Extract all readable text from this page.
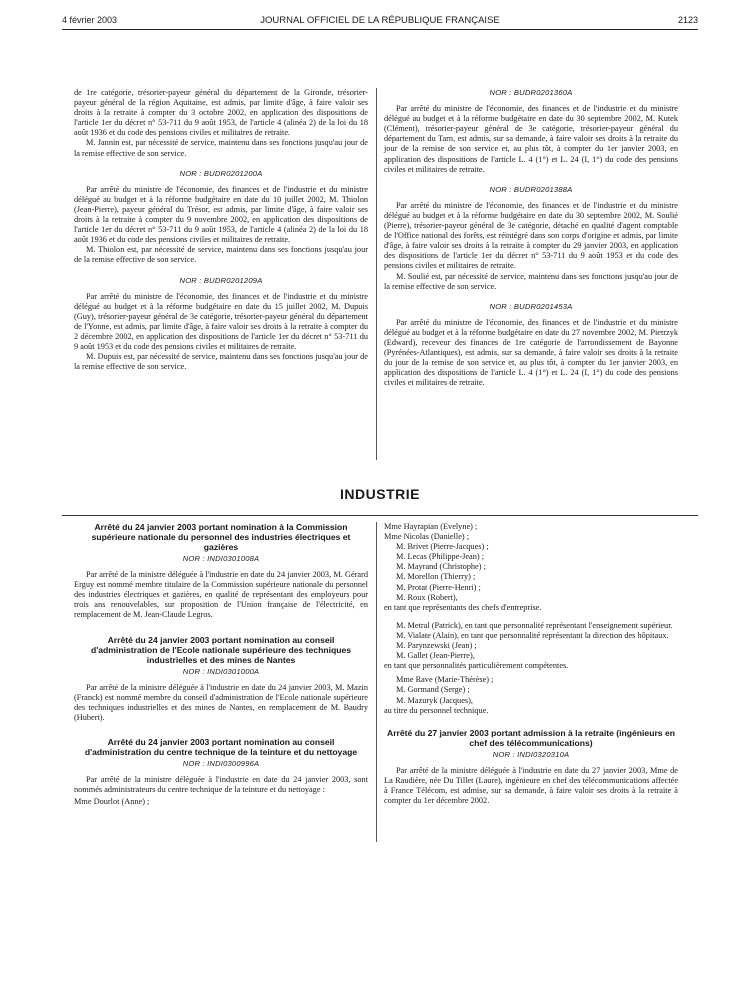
4 février 2003	JOURNAL OFFICIEL DE LA RÉPUBLIQUE FRANÇAISE	2123

de 1re catégorie, trésorier-payeur général du département de la Gironde, trésorier-payeur général de la région Aquitaine, est admis, par limite d'âge, à faire valoir ses droits à la retraite à compter du 3 octobre 2002, en application des dispositions de l'article 1er du décret n° 53-711 du 9 août 1953, de l'article 4 (alinéa 2) de la loi du 18 août 1936 et du code des pensions civiles et militaires de retraite.

M. Jannin est, par nécessité de service, maintenu dans ses fonctions jusqu'au jour de la remise effective de son service.

NOR : BUDR0201200A

Par arrêté du ministre de l'économie, des finances et de l'industrie et du ministre délégué au budget et à la réforme budgétaire en date du 10 juillet 2002, M. Thiolon (Jean-Pierre), payeur général du Trésor, est admis, par limite d'âge, à faire valoir ses droits à la retraite à compter du 9 novembre 2002, en application des dispositions de l'article 1er du décret n° 53-711 du 9 août 1953, de l'article 4 (alinéa 2) de la loi du 18 août 1936 et du code des pensions civiles et militaires de retraite.

M. Thiolon est, par nécessité de service, maintenu dans ses fonctions jusqu'au jour de la remise effective de son service.

NOR : BUDR0201209A

Par arrêté du ministre de l'économie, des finances et de l'industrie et du ministre délégué au budget et à la réforme budgétaire en date du 15 juillet 2002, M. Dupuis (Guy), trésorier-payeur général de 3e catégorie, trésorier-payeur général du département de l'Yonne, est admis, par limite d'âge, à faire valoir ses droits à la retraite à compter du 2 décembre 2002, en application des dispositions de l'article 1er du décret n° 53-711 du 9 août 1953 et du code des pensions civiles et militaires de retraite.

M. Dupuis est, par nécessité de service, maintenu dans ses fonctions jusqu'au jour de la remise effective de son service.

NOR : BUDR0201360A

Par arrêté du ministre de l'économie, des finances et de l'industrie et du ministre délégué au budget et à la réforme budgétaire en date du 30 septembre 2002, M. Kutek (Clément), trésorier-payeur général de 3e catégorie, trésorier-payeur général du département du Tarn, est admis, sur sa demande, à faire valoir ses droits à la retraite du jour de la remise de son service et, au plus tôt, à compter du 1er janvier 2003, en application des dispositions de l'article L. 4 (1°) et L. 24 (I, 1°) du code des pensions civiles et militaires de retraite.

NOR : BUDR0201388A

Par arrêté du ministre de l'économie, des finances et de l'industrie et du ministre délégué au budget et à la réforme budgétaire en date du 30 septembre 2002, M. Soulié (Pierre), trésorier-payeur général de 3e catégorie, détaché en qualité d'agent comptable de l'Office national des forêts, est réintégré dans son corps d'origine et admis, par limite d'âge, à faire valoir ses droits à la retraite à compter du 29 janvier 2003, en application des dispositions de l'article 1er du décret n° 53-711 du 9 août 1953 et du code des pensions civiles et militaires de retraite.

M. Soulié est, par nécessité de service, maintenu dans ses fonctions jusqu'au jour de la remise effective de son service.

NOR : BUDR0201453A

Par arrêté du ministre de l'économie, des finances et de l'industrie et du ministre délégué au budget et à la réforme budgétaire en date du 27 novembre 2002, M. Pietrzyk (Edward), receveur des finances de 1re catégorie de l'arrondissement de Bayonne (Pyrénées-Atlantiques), est admis, sur sa demande, à faire valoir ses droits à la retraite du jour de la remise de son service et, au plus tôt, à compter du 1er janvier 2003, en application des dispositions de l'article L. 4 (1°) et L. 24 (I, 1°) du code des pensions civiles et militaires de retraite.

INDUSTRIE
Arrêté du 24 janvier 2003 portant nomination à la Commission supérieure nationale du personnel des industries électriques et gazières
NOR : INDI0301008A

Par arrêté de la ministre déléguée à l'industrie en date du 24 janvier 2003, M. Gérard Erguy est nommé membre titulaire de la Commission supérieure nationale du personnel des industries électriques et gazières, en qualité de représentant des employeurs pour trois ans renouvelables, sur proposition de l'Union française de l'électricité, en remplacement de M. Jean-Claude Legros.

Arrêté du 24 janvier 2003 portant nomination au conseil d'administration de l'Ecole nationale supérieure des techniques industrielles et des mines de Nantes
NOR : INDI0301000A

Par arrêté de la ministre déléguée à l'industrie en date du 24 janvier 2003, M. Mazin (Franck) est nommé membre du conseil d'administration de l'Ecole nationale supérieure des techniques industrielles et des mines de Nantes, en remplacement de M. Baudry (Hubert).

Arrêté du 24 janvier 2003 portant nomination au conseil d'administration du centre technique de la teinture et du nettoyage
NOR : INDI0300996A

Par arrêté de la ministre déléguée à l'industrie en date du 24 janvier 2003, sont nommés administrateurs du centre technique de la teinture et du nettoyage :

Mme Dourlot (Anne) ;

Mme Hayrapian (Evelyne) ;

Mme Nicolas (Danielle) ;

M. Brivet (Pierre-Jacques) ;

M. Lecas (Philippe-Jean) ;

M. Mayrand (Christophe) ;

M. Morellon (Thierry) ;

M. Protat (Pierre-Henri) ;

M. Roux (Robert),

en tant que représentants des chefs d'entreprise.

M. Metral (Patrick), en tant que personnalité représentant l'enseignement supérieur.

M. Vialate (Alain), en tant que personnalité représentant la direction des hôpitaux.

M. Parynzewski (Jean) ;

M. Gallet (Jean-Pierre),

en tant que personnalités particulièrement compétentes.

Mme Rave (Marie-Thérèse) ;

M. Gormand (Serge) ;

M. Mazuryk (Jacques),

au titre du personnel technique.

Arrêté du 27 janvier 2003 portant admission à la retraite (ingénieurs en chef des télécommunications)
NOR : INDI0320310A

Par arrêté de la ministre déléguée à l'industrie en date du 27 janvier 2003, Mme de La Raudière, née Du Tillet (Laure), ingénieure en chef des télécommunications affectée à France Télécom, est admise, sur sa demande, à faire valoir ses droits à la retraite à compter du 1er décembre 2002.
